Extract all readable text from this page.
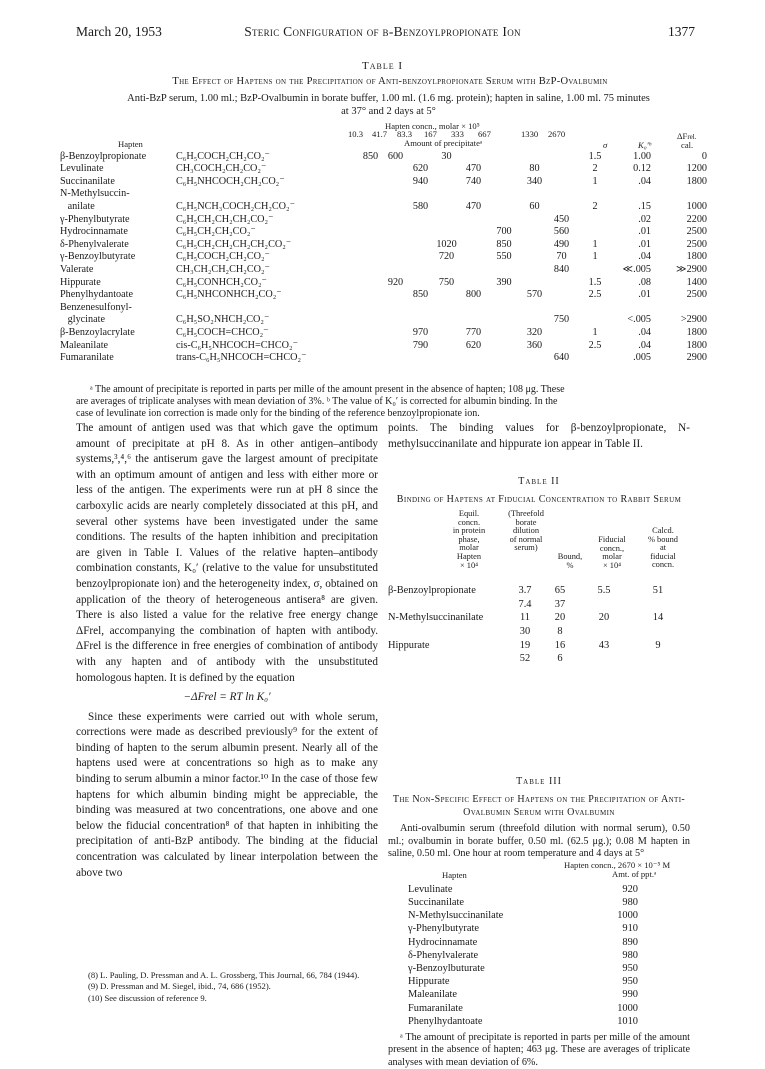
March 20, 1953	Steric Configuration of β-Benzoylpropionate Ion	1377
Table I
The Effect of Haptens on the Precipitation of Anti-benzoylpropionate Serum with BzP-Ovalbumin
Anti-BzP serum, 1.00 ml.; BzP-Ovalbumin in borate buffer, 1.00 ml. (1.6 mg. protein); hapten in saline, 1.00 ml. 75 minutes
at 37° and 2 days at 5°
Hapten concn., molar × 10⁵
10.3 41.7 83.3 167 333 667	1330 2670
Amount of precipitateᵃ
Hapten	σ	K₀′ᵇ
ΔFrel.
cal.
β-Benzoylpropionate	C₆H₅COCH₂CH₂CO₂⁻	850	600		30					1.5	1.00	0
Levulinate	CH₃COCH₂CH₂CO₂⁻			620		470		80		2	0.12	1200
Succinanilate	C₆H₅NHCOCH₂CH₂CO₂⁻			940		740		340		1	.04	1800
N-Methylsuccin-												
anilate	C₆H₅NCH₃COCH₂CH₂CO₂⁻			580		470		60		2	.15	1000
γ-Phenylbutyrate	C₆H₅CH₂CH₂CH₂CO₂⁻								450		.02	2200
Hydrocinnamate	C₆H₅CH₂CH₂CO₂⁻						700		560		.01	2500
δ-Phenylvalerate	C₆H₅CH₂CH₂CH₂CH₂CO₂⁻				1020		850		490	1	.01	2500
γ-Benzoylbutyrate	C₆H₅COCH₂CH₂CO₂⁻				720		550		70	1	.04	1800
Valerate	CH₃CH₂CH₂CH₂CO₂⁻								840		≪.005	≫2900
Hippurate	C₆H₅CONHCH₂CO₂⁻		920		750		390			1.5	.08	1400
Phenylhydantoate	C₆H₅NHCONHCH₂CO₂⁻			850		800		570		2.5	.01	2500
Benzenesulfonyl-												
glycinate	C₆H₅SO₂NHCH₂CO₂⁻								750		<.005	>2900
β-Benzoylacrylate	C₆H₅COCH=CHCO₂⁻			970		770		320		1	.04	1800
Maleanilate	cis-C₆H₅NHCOCH=CHCO₂⁻			790		620		360		2.5	.04	1800
Fumaranilate	trans-C₆H₅NHCOCH=CHCO₂⁻								640		.005	2900
ᵃ The amount of precipitate is reported in parts per mille of the amount present in the absence of hapten; 108 μg. These
are averages of triplicate analyses with mean deviation of 3%. ᵇ The value of K₀′ is corrected for albumin binding. In the
case of levulinate ion correction is made only for the binding of the reference benzoylpropionate ion.

The amount of antigen used was that which gave the optimum amount of precipitate at pH 8. As in other antigen–antibody systems,³,⁴,⁶ the antiserum gave the largest amount of precipitate with an optimum amount of antigen and less with either more or less of the antigen. The experiments were run at pH 8 since the carboxylic acids are nearly completely dissociated at this pH, and several other systems have been investigated under the same conditions. The results of the hapten inhibition and precipitation are given in Table I. Values of the relative hapten–antibody combination constants, K₀′ (relative to the value for unsubstituted benzoylpropionate ion) and the heterogeneity index, σ, obtained on application of the theory of heterogeneous antisera⁸ are given. There is also listed a value for the relative free energy change ΔFrel, accompanying the combination of hapten with antibody. ΔFrel is the difference in free energies of combination of antibody with any hapten and of antibody with the unsubstituted homologous hapten. It is defined by the equation

−ΔFrel = RT ln K₀′

Since these experiments were carried out with whole serum, corrections were made as described previously⁹ for the extent of binding of hapten to the serum albumin present. Nearly all of the haptens used were at concentrations so high as to make any binding to serum albumin a minor factor.¹⁰ In the case of those few haptens for which albumin binding might be appreciable, the binding was measured at two concentrations, one above and one below the fiducial concentration⁸ of that hapten in inhibiting the precipitation of anti-BzP antibody. The binding at the fiducial concentration was calculated by linear interpolation between the above two

(8) L. Pauling, D. Pressman and A. L. Grossberg, This Journal, 66, 784 (1944).
(9) D. Pressman and M. Siegel, ibid., 74, 686 (1952).
(10) See discussion of reference 9.

points. The binding values for β-benzoylpropionate, N-methylsuccinanilate and hippurate ion appear in Table II.

Table II
Binding of Haptens at Fiducial Concentration to Rabbit Serum
Equil.
concn.
in protein
phase,
molar
Hapten
× 10⁴
(Threefold
borate
dilution
of normal
serum)
Bound,
%
Fiducial
concn.,
molar
× 10⁴
Calcd.
% bound
at
fiducial
concn.
β-Benzoylpropionate	3.7	65	5.5	51
	7.4	37		
N-Methylsuccinanilate	11	20	20	14
	30	8		
Hippurate	19	16	43	9
	52	6		
Table III
The Non-Specific Effect of Haptens on the Precipitation of Anti-Ovalbumin Serum with Ovalbumin
Anti-ovalbumin serum (threefold dilution with normal serum), 0.50 ml.; ovalbumin in borate buffer, 0.50 ml. (62.5 μg.); 0.08 M hapten in saline, 0.50 ml. One hour at room temperature and 4 days at 5°
Hapten
Hapten concn., 2670 × 10⁻⁵ M
Amt. of ppt.ᵃ
Levulinate	920
Succinanilate	980
N-Methylsuccinanilate	1000
γ-Phenylbutyrate	910
Hydrocinnamate	890
δ-Phenylvalerate	980
γ-Benzoylbuturate	950
Hippurate	950
Maleanilate	990
Fumaranilate	1000
Phenylhydantoate	1010
ᵃ The amount of precipitate is reported in parts per mille of the amount present in the absence of hapten; 463 μg. These are averages of triplicate analyses with mean deviation of 6%.
